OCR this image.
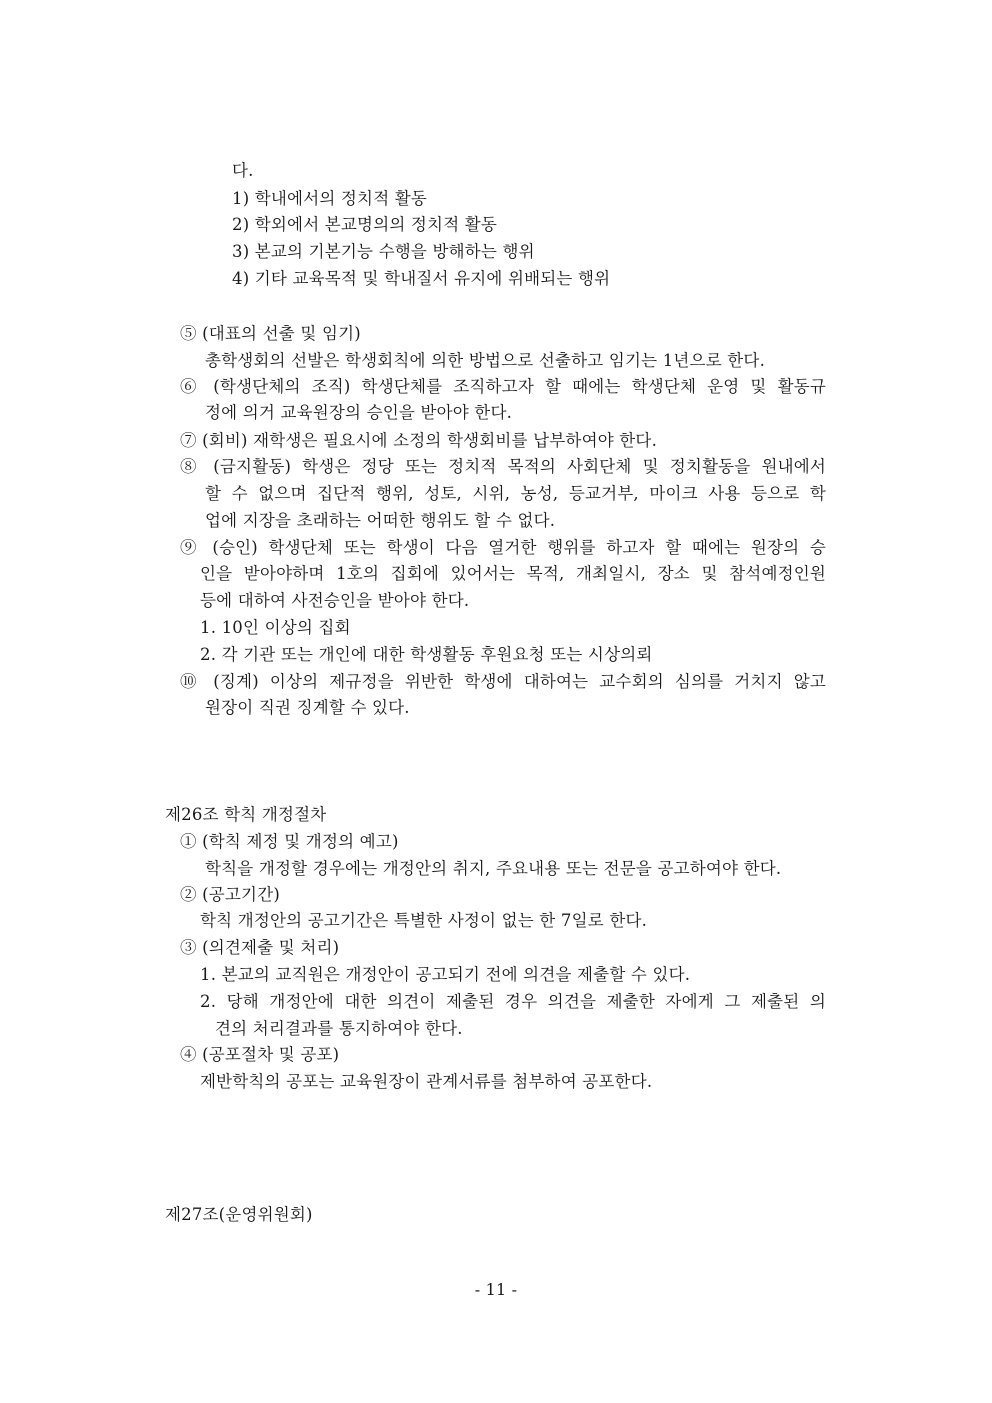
다.
1) 학내에서의 정치적 활동
2) 학외에서 본교명의의 정치적 활동
3) 본교의 기본기능 수행을 방해하는 행위
4) 기타 교육목적 및 학내질서 유지에 위배되는 행위
⑤ (대표의 선출 및 임기)
총학생회의 선발은 학생회칙에 의한 방법으로 선출하고 임기는 1년으로 한다.
⑥ (학생단체의 조직) 학생단체를 조직하고자 할 때에는 학생단체 운영 및 활동규
정에 의거 교육원장의 승인을 받아야 한다.
⑦ (회비) 재학생은 필요시에 소정의 학생회비를 납부하여야 한다.
⑧ (금지활동) 학생은 정당 또는 정치적 목적의 사회단체 및 정치활동을 원내에서
할 수 없으며 집단적 행위, 성토, 시위, 농성, 등교거부, 마이크 사용 등으로 학
업에 지장을 초래하는 어떠한 행위도 할 수 없다.
⑨ (승인) 학생단체 또는 학생이 다음 열거한 행위를 하고자 할 때에는 원장의 승
인을 받아야하며 1호의 집회에 있어서는 목적, 개최일시, 장소 및 참석예정인원
등에 대하여 사전승인을 받아야 한다.
1. 10인 이상의 집회
2. 각 기관 또는 개인에 대한 학생활동 후원요청 또는 시상의뢰
⑩ (징계) 이상의 제규정을 위반한 학생에 대하여는 교수회의 심의를 거치지 않고
원장이 직권 징계할 수 있다.
제26조 학칙 개정절차
① (학칙 제정 및 개정의 예고)
학칙을 개정할 경우에는 개정안의 취지, 주요내용 또는 전문을 공고하여야 한다.
② (공고기간)
학칙 개정안의 공고기간은 특별한 사정이 없는 한 7일로 한다.
③ (의견제출 및 처리)
1. 본교의 교직원은 개정안이 공고되기 전에 의견을 제출할 수 있다.
2. 당해 개정안에 대한 의견이 제출된 경우 의견을 제출한 자에게 그 제출된 의
견의 처리결과를 통지하여야 한다.
④ (공포절차 및 공포)
제반학칙의 공포는 교육원장이 관계서류를 첨부하여 공포한다.
제27조(운영위원회)
- 11 -
